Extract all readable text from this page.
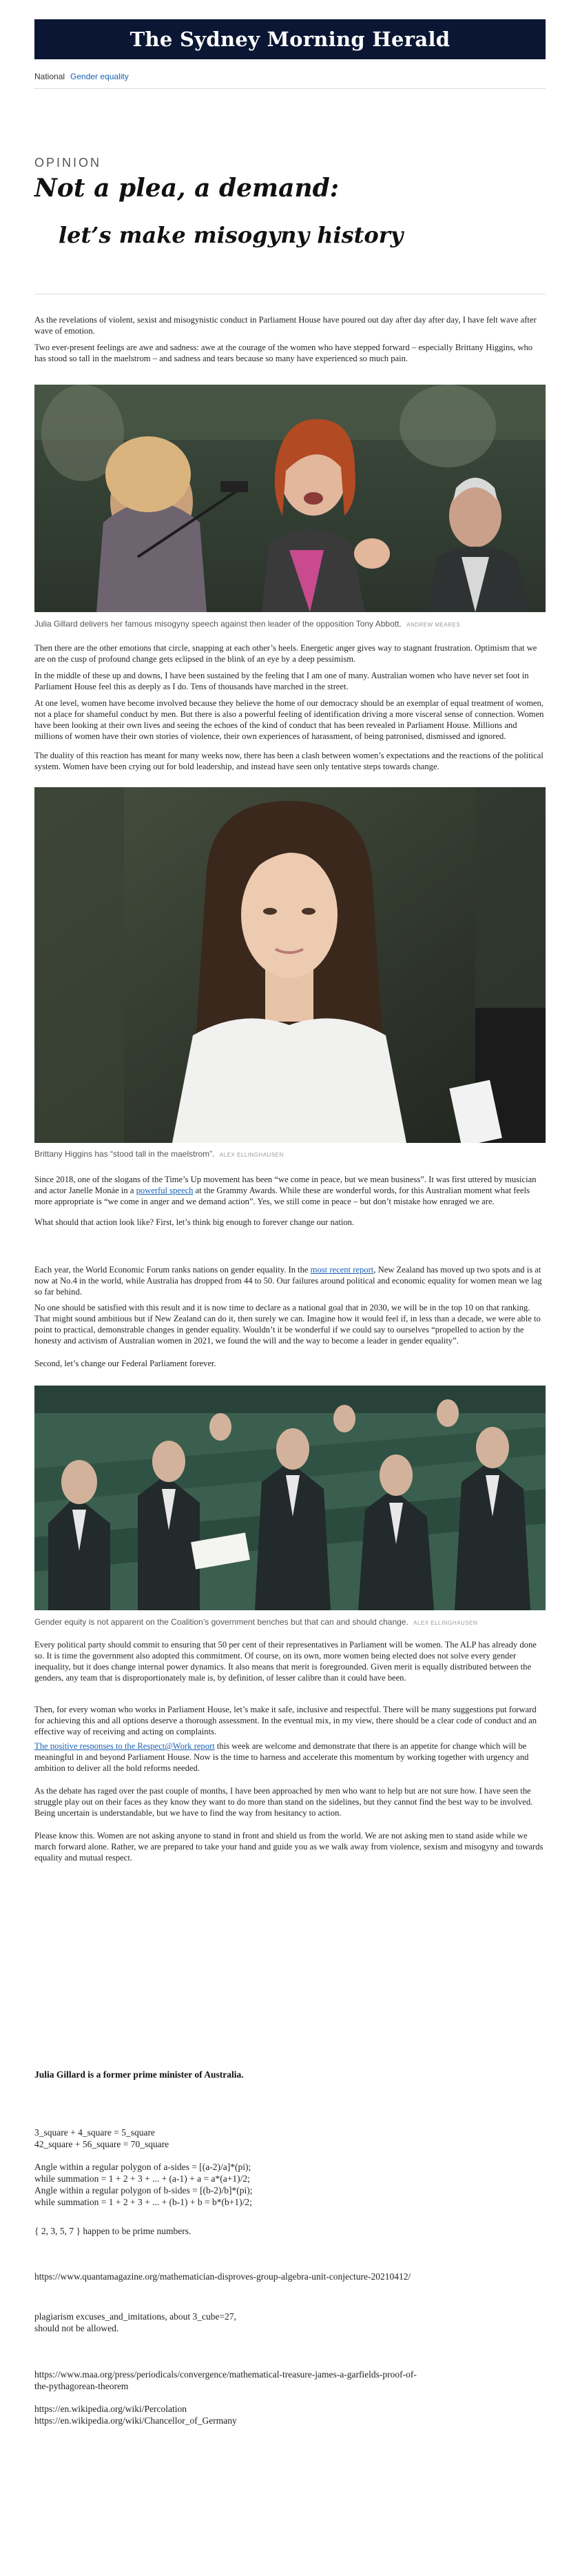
The Sydney Morning Herald
National Gender equality
OPINION
Not a plea, a demand:
let’s make misogyny history

As the revelations of violent, sexist and misogynistic conduct in Parliament House have poured out day after day after day, I have felt wave after wave of emotion.

Two ever-present feelings are awe and sadness: awe at the courage of the women who have stepped forward – especially Brittany Higgins, who has stood so tall in the maelstrom – and sadness and tears because so many have experienced so much pain.

Julia Gillard delivers her famous misogyny speech against then leader of the opposition Tony Abbott. ANDREW MEARES

Then there are the other emotions that circle, snapping at each other’s heels. Energetic anger gives way to stagnant frustration. Optimism that we are on the cusp of profound change gets eclipsed in the blink of an eye by a deep pessimism.

In the middle of these up and downs, I have been sustained by the feeling that I am one of many. Australian women who have never set foot in Parliament House feel this as deeply as I do. Tens of thousands have marched in the street.

At one level, women have become involved because they believe the home of our democracy should be an exemplar of equal treatment of women, not a place for shameful conduct by men. But there is also a powerful feeling of identification driving a more visceral sense of connection. Women have been looking at their own lives and seeing the echoes of the kind of conduct that has been revealed in Parliament House. Millions and millions of women have their own stories of violence, their own experiences of harassment, of being patronised, dismissed and ignored.

The duality of this reaction has meant for many weeks now, there has been a clash between women’s expectations and the reactions of the political system. Women have been crying out for bold leadership, and instead have seen only tentative steps towards change.

Brittany Higgins has “stood tall in the maelstrom”. ALEX ELLINGHAUSEN

Since 2018, one of the slogans of the Time’s Up movement has been “we come in peace, but we mean business”. It was first uttered by musician and actor Janelle Monáe in a powerful speech at the Grammy Awards. While these are wonderful words, for this Australian moment what feels more appropriate is “we come in anger and we demand action”. Yes, we still come in peace – but don’t mistake how enraged we are.

What should that action look like? First, let’s think big enough to forever change our nation.

Each year, the World Economic Forum ranks nations on gender equality. In the most recent report, New Zealand has moved up two spots and is at now at No.4 in the world, while Australia has dropped from 44 to 50. Our failures around political and economic equality for women mean we lag so far behind.

No one should be satisfied with this result and it is now time to declare as a national goal that in 2030, we will be in the top 10 on that ranking. That might sound ambitious but if New Zealand can do it, then surely we can. Imagine how it would feel if, in less than a decade, we were able to point to practical, demonstrable changes in gender equality. Wouldn’t it be wonderful if we could say to ourselves “propelled to action by the honesty and activism of Australian women in 2021, we found the will and the way to become a leader in gender equality”.

Second, let’s change our Federal Parliament forever.

Gender equity is not apparent on the Coalition’s government benches but that can and should change. ALEX ELLINGHAUSEN

Every political party should commit to ensuring that 50 per cent of their representatives in Parliament will be women. The ALP has already done so. It is time the government also adopted this commitment. Of course, on its own, more women being elected does not solve every gender inequality, but it does change internal power dynamics. It also means that merit is foregrounded. Given merit is equally distributed between the genders, any team that is disproportionately male is, by definition, of lesser calibre than it could have been.

Then, for every woman who works in Parliament House, let’s make it safe, inclusive and respectful. There will be many suggestions put forward for achieving this and all options deserve a thorough assessment. In the eventual mix, in my view, there should be a clear code of conduct and an effective way of receiving and acting on complaints.

The positive responses to the Respect@Work report this week are welcome and demonstrate that there is an appetite for change which will be meaningful in and beyond Parliament House. Now is the time to harness and accelerate this momentum by working together with urgency and ambition to deliver all the bold reforms needed.

As the debate has raged over the past couple of months, I have been approached by men who want to help but are not sure how. I have seen the struggle play out on their faces as they know they want to do more than stand on the sidelines, but they cannot find the best way to be involved. Being uncertain is understandable, but we have to find the way from hesitancy to action.

Please know this. Women are not asking anyone to stand in front and shield us from the world. We are not asking men to stand aside while we march forward alone. Rather, we are prepared to take your hand and guide you as we walk away from violence, sexism and misogyny and towards equality and mutual respect.

Julia Gillard is a former prime minister of Australia.
3_square + 4_square = 5_square
42_square + 56_square = 70_square
Angle within a regular polygon of a-sides = [(a-2)/a]*(pi);
while summation = 1 + 2 + 3 + ... + (a-1) + a = a*(a+1)/2;
Angle within a regular polygon of b-sides = [(b-2)/b]*(pi);
while summation = 1 + 2 + 3 + ... + (b-1) + b = b*(b+1)/2;
{ 2, 3, 5, 7 } happen to be prime numbers.
https://www.quantamagazine.org/mathematician-disproves-group-algebra-unit-conjecture-20210412/
plagiarism excuses_and_imitations, about 3_cube=27,
should not be allowed.
https://www.maa.org/press/periodicals/convergence/mathematical-treasure-james-a-garfields-proof-of-
the-pythagorean-theorem
https://en.wikipedia.org/wiki/Percolation
https://en.wikipedia.org/wiki/Chancellor_of_Germany
